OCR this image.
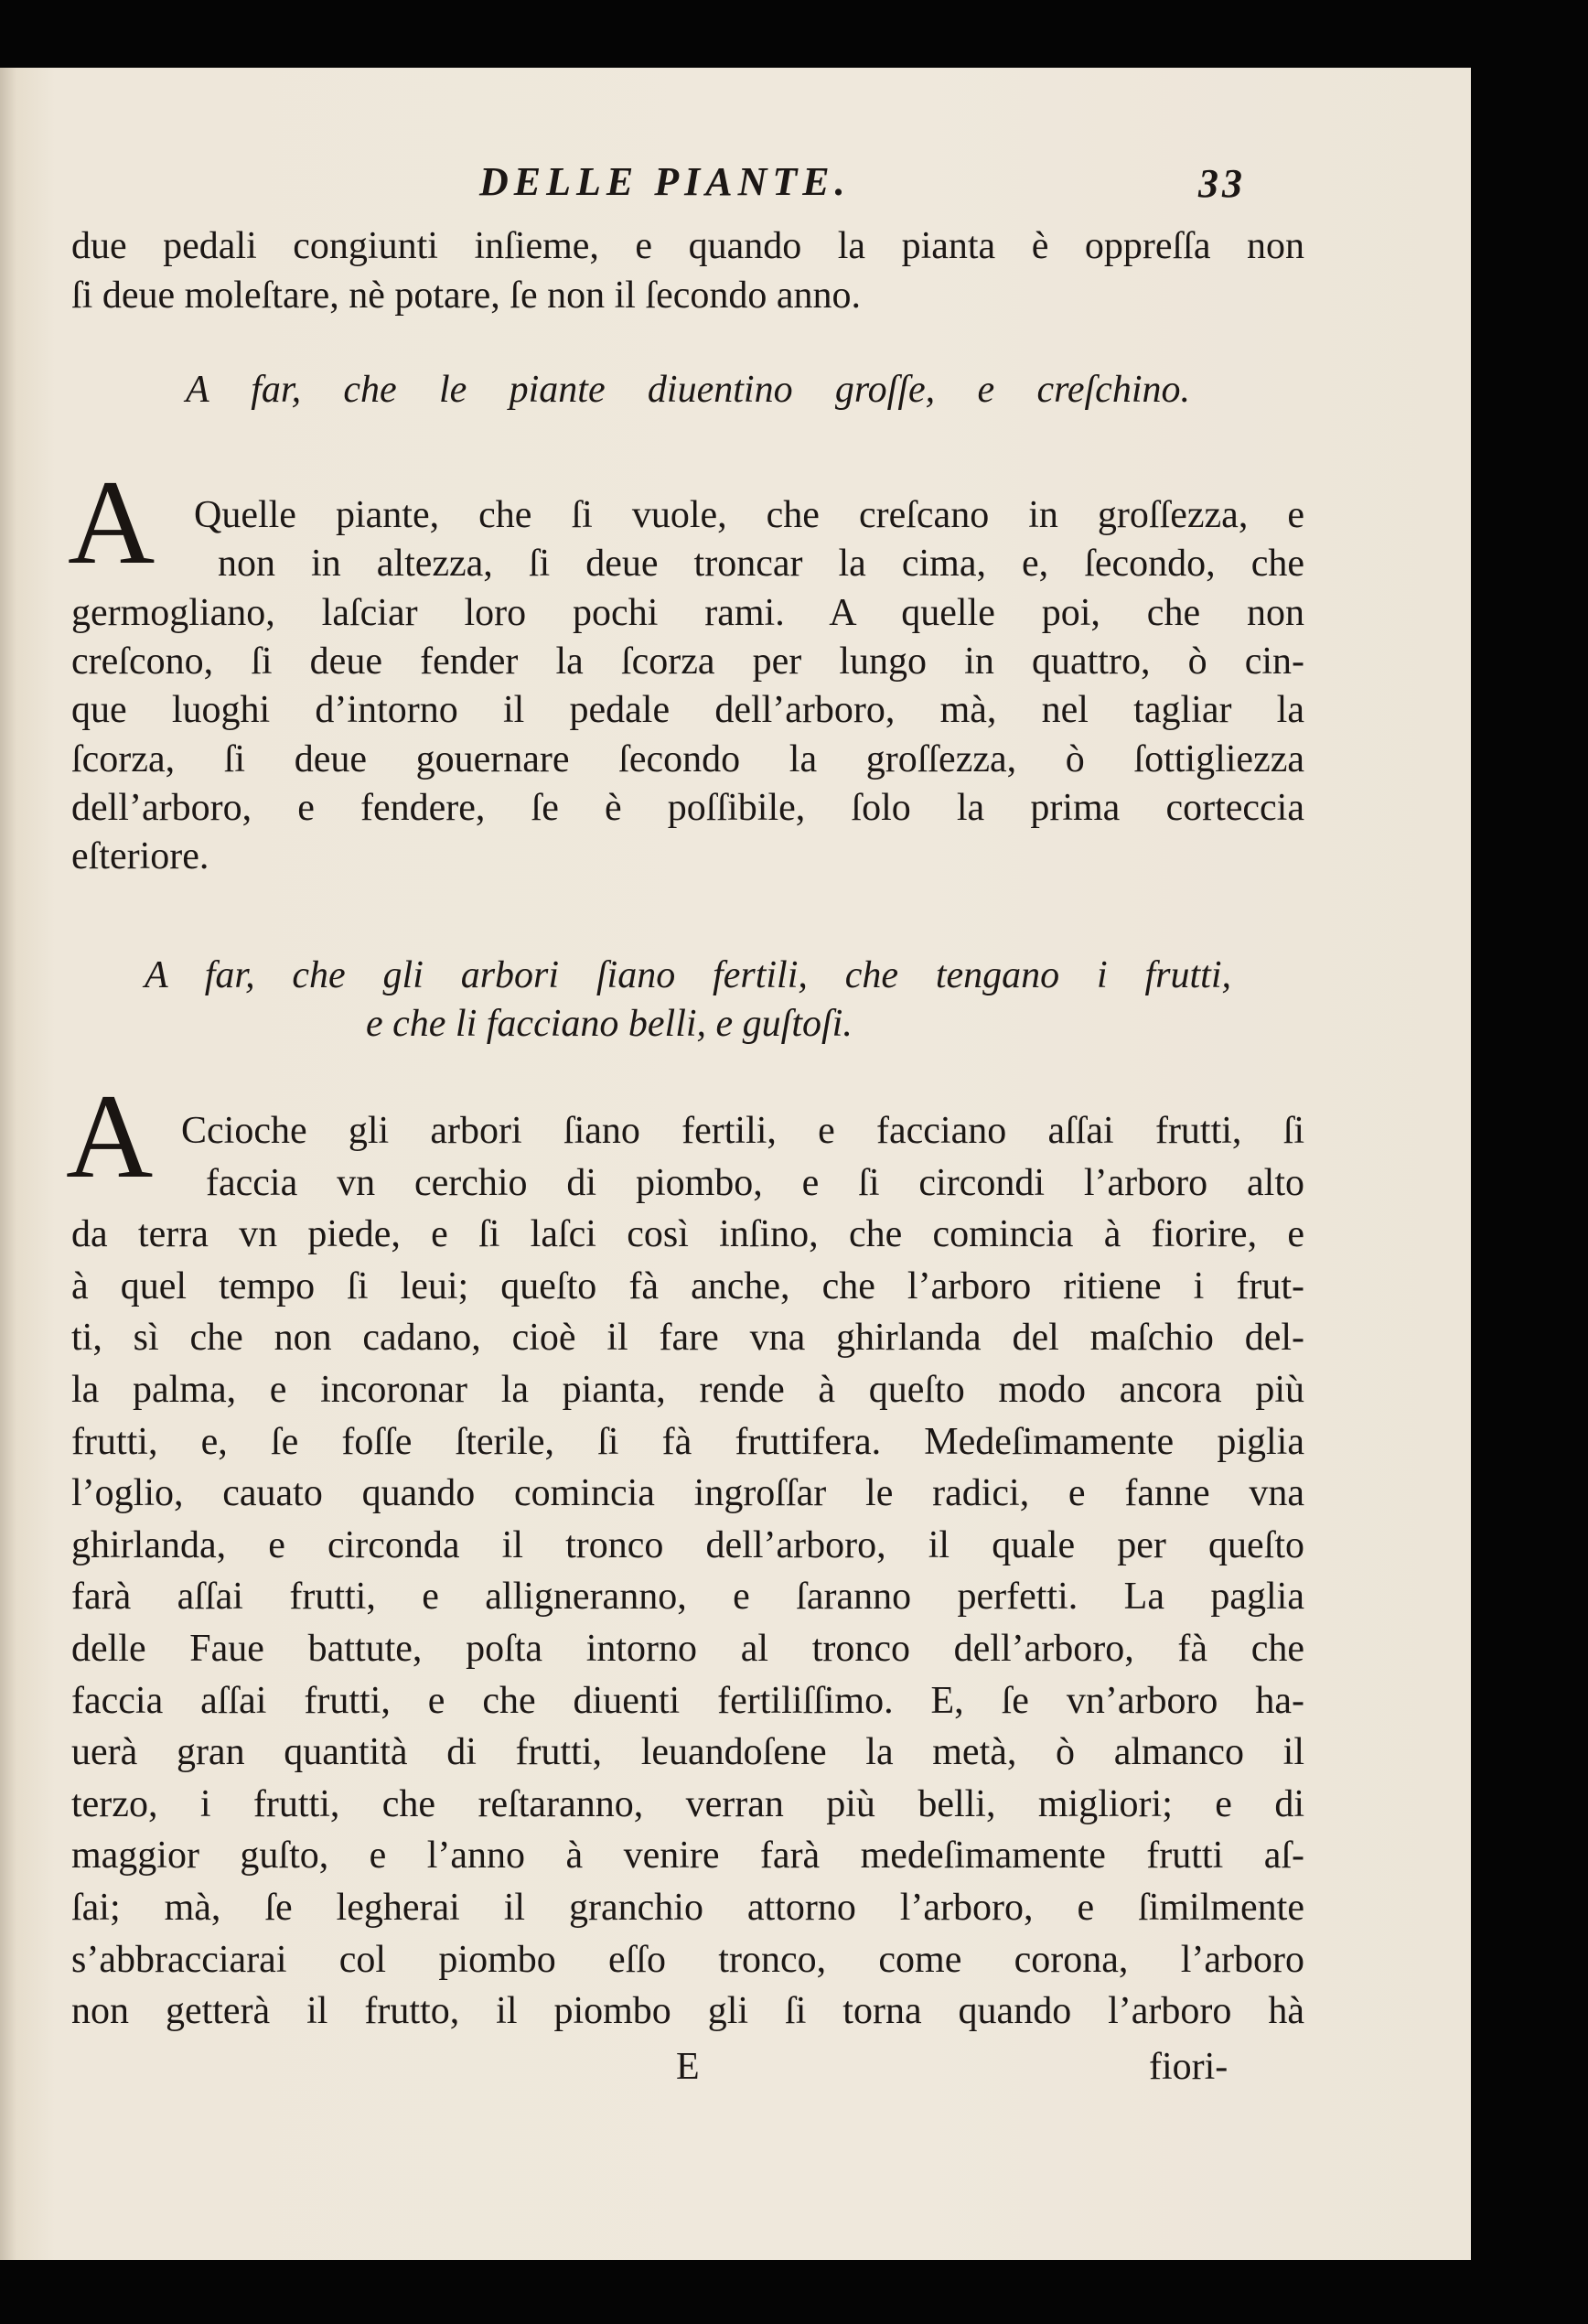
DELLE PIANTE.	33
due pedali congiunti inſieme, e quando la pianta è oppreſſa non
ſi deue moleſtare, nè potare, ſe non il ſecondo anno.
A far, che le piante diuentino groſſe, e creſchino.
A far, che gli arbori ſiano fertili, che tengano i frutti,
e che li facciano belli, e guſtoſi.
A Quelle piante, che ſi vuole, che creſcano in groſſezza, e
non in altezza, ſi deue troncar la cima, e, ſecondo, che
germogliano, laſciar loro pochi rami. A quelle poi, che non
creſcono, ſi deue fender la ſcorza per lungo in quattro, ò cin-
que luoghi d’intorno il pedale dell’arboro, mà, nel tagliar la
ſcorza, ſi deue gouernare ſecondo la groſſezza, ò ſottigliezza
dell’arboro, e fendere, ſe è poſſibile, ſolo la prima corteccia
eſteriore.
A Ccioche gli arbori ſiano fertili, e facciano aſſai frutti, ſi
faccia vn cerchio di piombo, e ſi circondi l’arboro alto
da terra vn piede, e ſi laſci così inſino, che comincia à fiorire, e
à quel tempo ſi leui; queſto fà anche, che l’arboro ritiene i frut-
ti, sì che non cadano, cioè il fare vna ghirlanda del maſchio del-
la palma, e incoronar la pianta, rende à queſto modo ancora più
frutti, e, ſe foſſe ſterile, ſi fà fruttifera. Medeſimamente piglia
l’oglio, cauato quando comincia ingroſſar le radici, e fanne vna
ghirlanda, e circonda il tronco dell’arboro, il quale per queſto
farà aſſai frutti, e alligneranno, e ſaranno perfetti. La paglia
delle Faue battute, poſta intorno al tronco dell’arboro, fà che
faccia aſſai frutti, e che diuenti fertiliſſimo. E, ſe vn’arboro ha-
uerà gran quantità di frutti, leuandoſene la metà, ò almanco il
terzo, i frutti, che reſtaranno, verran più belli, migliori; e di
maggior guſto, e l’anno à venire farà medeſimamente frutti aſ-
ſai; mà, ſe legherai il granchio attorno l’arboro, e ſimilmente
s’abbracciarai col piombo eſſo tronco, come corona, l’arboro
non getterà il frutto, il piombo gli ſi torna quando l’arboro hà
E	fiori-
